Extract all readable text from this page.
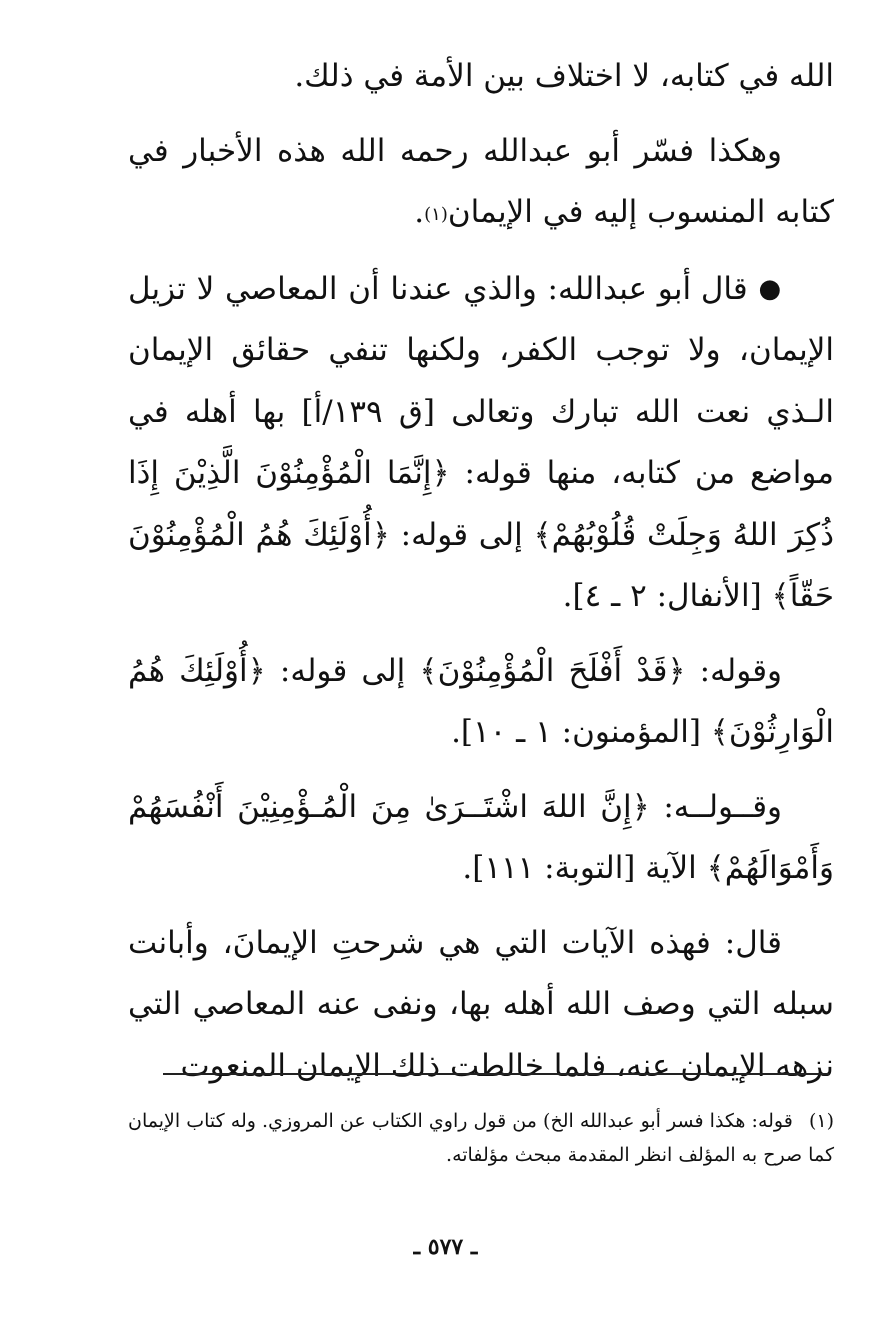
الله في كتابه، لا اختلاف بين الأمة في ذلك.

وهكذا فسّر أبو عبدالله رحمه الله هذه الأخبار في كتابه المنسوب إليه في الإيمان(١).

● قال أبو عبدالله: والذي عندنا أن المعاصي لا تزيل الإيمان، ولا توجب الكفر، ولكنها تنفي حقائق الإيمان الـذي نعت الله تبارك وتعالى [ق ١٣٩/أ] بها أهله في مواضع من كتابه، منها قوله: ﴿إِنَّمَا الْمُؤْمِنُوْنَ الَّذِيْنَ إِذَا ذُكِرَ اللهُ وَجِلَتْ قُلُوْبُهُمْ﴾ إلى قوله: ﴿أُوْلَئِكَ هُمُ الْمُؤْمِنُوْنَ حَقّاً﴾ [الأنفال: ٢ ـ ٤].

وقوله: ﴿قَدْ أَفْلَحَ الْمُؤْمِنُوْنَ﴾ إلى قوله: ﴿أُوْلَئِكَ هُمُ الْوَارِثُوْنَ﴾ [المؤمنون: ١ ـ ١٠].

وقــولــه: ﴿إِنَّ اللهَ اشْتَــرَىٰ مِنَ الْمُـؤْمِنِيْنَ أَنْفُسَهُمْ وَأَمْوَالَهُمْ﴾ الآية [التوبة: ١١١].

قال: فهذه الآيات التي هي شرحتِ الإيمانَ، وأبانت سبله التي وصف الله أهله بها، ونفى عنه المعاصي التي نزهه الإيمان عنه، فلما خالطت ذلك الإيمان المنعوت

(١) قوله: هكذا فسر أبو عبدالله الخ) من قول راوي الكتاب عن المروزي. وله كتاب الإيمان كما صرح به المؤلف انظر المقدمة مبحث مؤلفاته.
ـ ٥٧٧ ـ
